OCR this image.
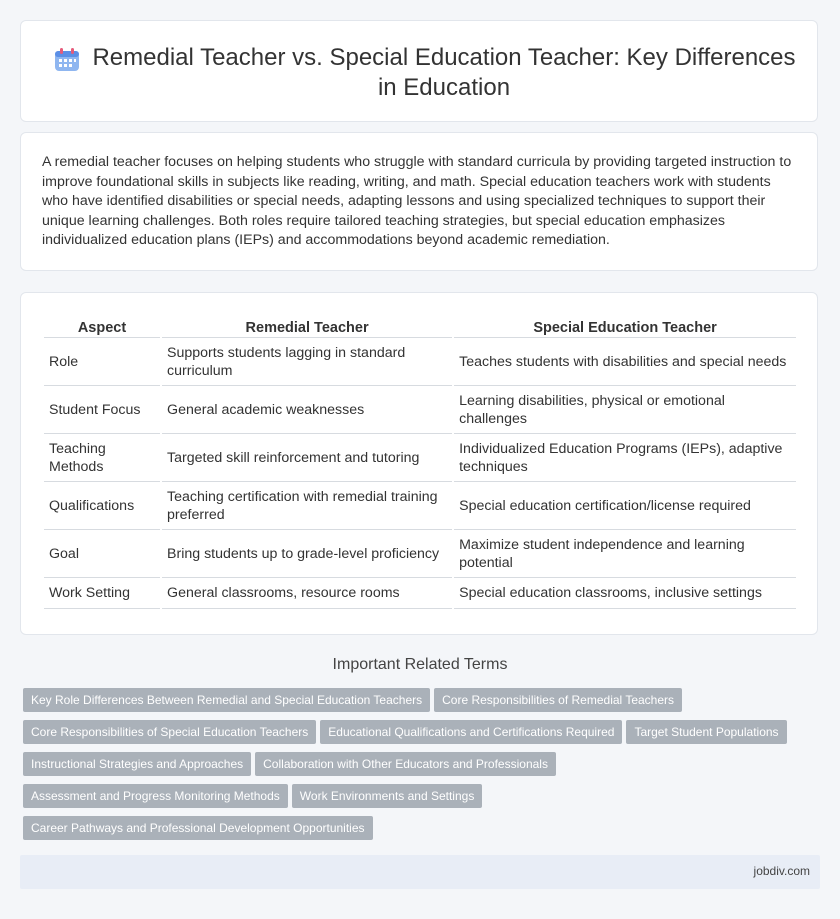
Remedial Teacher vs. Special Education Teacher: Key Differences in Education

A remedial teacher focuses on helping students who struggle with standard curricula by providing targeted instruction to improve foundational skills in subjects like reading, writing, and math. Special education teachers work with students who have identified disabilities or special needs, adapting lessons and using specialized techniques to support their unique learning challenges. Both roles require tailored teaching strategies, but special education emphasizes individualized education plans (IEPs) and accommodations beyond academic remediation.

Aspect	Remedial Teacher	Special Education Teacher
Role	Supports students lagging in standard curriculum	Teaches students with disabilities and special needs
Student Focus	General academic weaknesses	Learning disabilities, physical or emotional challenges
Teaching Methods	Targeted skill reinforcement and tutoring	Individualized Education Programs (IEPs), adaptive techniques
Qualifications	Teaching certification with remedial training preferred	Special education certification/license required
Goal	Bring students up to grade-level proficiency	Maximize student independence and learning potential
Work Setting	General classrooms, resource rooms	Special education classrooms, inclusive settings
Important Related Terms
Key Role Differences Between Remedial and Special Education Teachers Core Responsibilities of Remedial TeachersCore Responsibilities of Special Education Teachers Educational Qualifications and Certifications Required Target Student PopulationsInstructional Strategies and Approaches Collaboration with Other Educators and ProfessionalsAssessment and Progress Monitoring Methods Work Environments and SettingsCareer Pathways and Professional Development Opportunities
jobdiv.com
